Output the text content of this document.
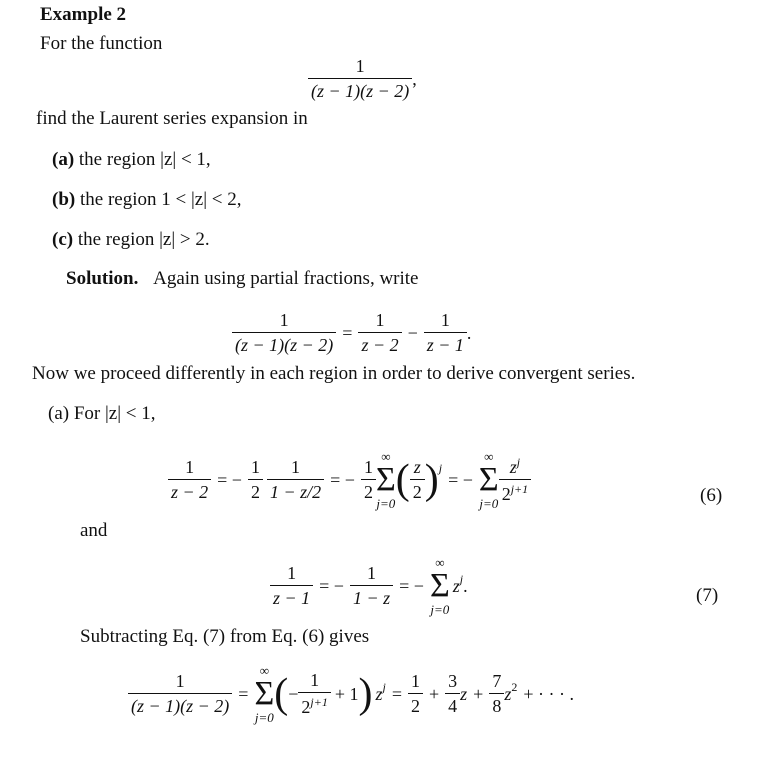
Example 2
For the function
$\frac{1}{(z - 1)(z - 2)}$ ,
find the Laurent series expansion in
(a) the region |z| < 1,
(b) the region 1 < |z| < 2,
(c) the region |z| > 2.
Solution. Again using partial fractions, write
$\frac{1}{(z - 1)(z - 2)} = \frac{1}{z - 2} - \frac{1}{z - 1}$ .
Now we proceed differently in each region in order to derive convergent series.
(a) For |z| < 1,
$\frac{1}{z - 2}$ = − $\frac{1}{2} \frac{1}{1 - z/2}$ = − $\frac{1}{2}$
∞
Σ
j=0
( $\frac{z}{2}$ ) j
= −
∞
Σ
$j=0 \frac{z^j}{2^{j+1}}$	(6)
and
$\frac{1}{z - 1}$ = − $\frac{1}{1 - z}$ = −
∞
Σ
j=0
z j .	(7)
Subtracting Eq. (7) from Eq. (6) gives
$\frac{1}{(z - 1)(z - 2)}$ =
∞
Σ
j=0
( − $\frac{1}{2^{j+1}} + 1$ ) z $j = \frac{1}{2} + \frac{3}{4}$ $z + \frac{7}{8}$ z 2 + · · · .
